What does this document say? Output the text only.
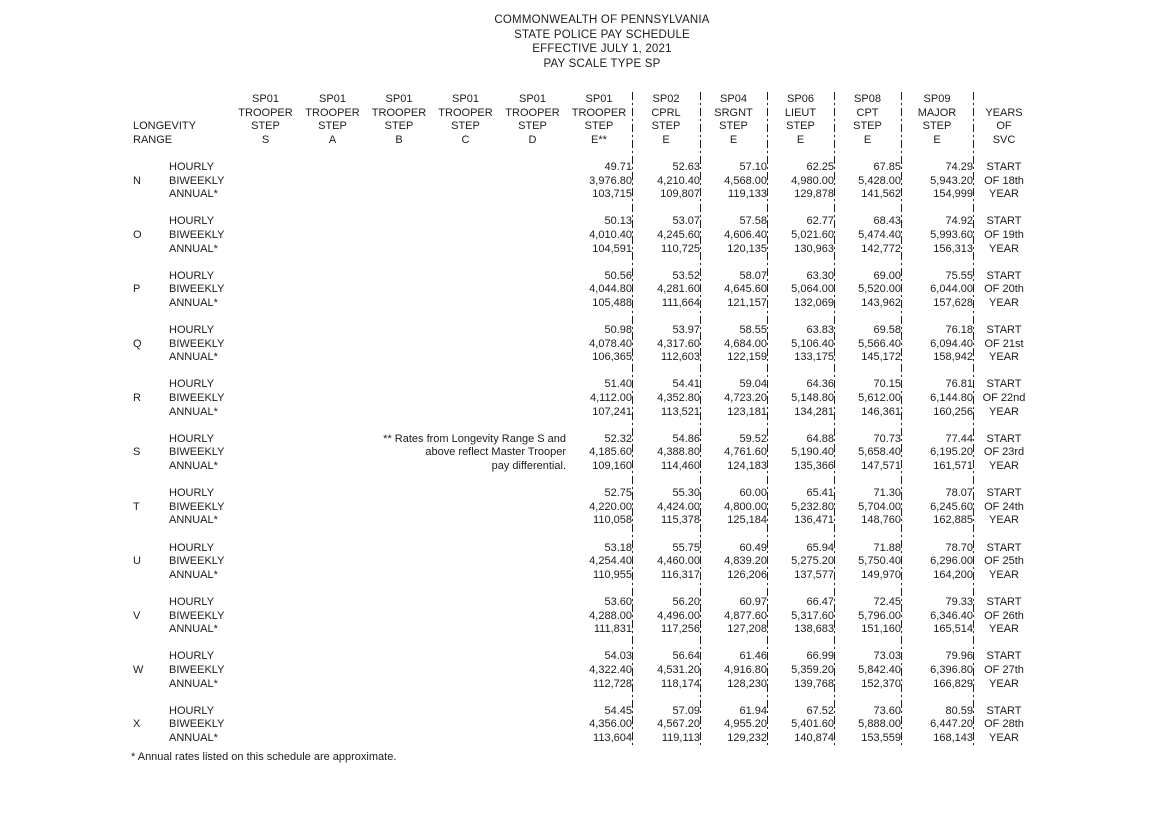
COMMONWEALTH OF PENNSYLVANIA
STATE POLICE PAY SCHEDULE
EFFECTIVE JULY 1, 2021
PAY SCALE TYPE SP
		SP01	SP01	SP01	SP01	SP01	SP01	SP02	SP04	SP06	SP08	SP09	
		TROOPER	TROOPER	TROOPER	TROOPER	TROOPER	TROOPER	CPRL	SRGNT	LIEUT	CPT	MAJOR	YEARS
LONGEVITY		STEP	STEP	STEP	STEP	STEP	STEP	STEP	STEP	STEP	STEP	STEP	OF
RANGE		S	A	B	C	D	E**	E	E	E	E	E	SVC

	HOURLY						49.71	52.63	57.10	62.25	67.85	74.29	START
N	BIWEEKLY						3,976.80	4,210.40	4,568.00	4,980.00	5,428.00	5,943.20	OF 18th
	ANNUAL*						103,715	109,807	119,133	129,878	141,562	154,999	YEAR

	HOURLY						50.13	53.07	57.58	62.77	68.43	74.92	START
O	BIWEEKLY						4,010.40	4,245.60	4,606.40	5,021.60	5,474.40	5,993.60	OF 19th
	ANNUAL*						104,591	110,725	120,135	130,963	142,772	156,313	YEAR

	HOURLY						50.56	53.52	58.07	63.30	69.00	75.55	START
P	BIWEEKLY						4,044.80	4,281.60	4,645.60	5,064.00	5,520.00	6,044.00	OF 20th
	ANNUAL*						105,488	111,664	121,157	132,069	143,962	157,628	YEAR

	HOURLY						50.98	53.97	58.55	63.83	69.58	76.18	START
Q	BIWEEKLY						4,078.40	4,317.60	4,684.00	5,106.40	5,566.40	6,094.40	OF 21st
	ANNUAL*						106,365	112,603	122,159	133,175	145,172	158,942	YEAR

	HOURLY						51.40	54.41	59.04	64.36	70.15	76.81	START
R	BIWEEKLY						4,112.00	4,352.80	4,723.20	5,148.80	5,612.00	6,144.80	OF 22nd
	ANNUAL*						107,241	113,521	123,181	134,281	146,361	160,256	YEAR

	HOURLY	** Rates from Longevity Range S and					52.32	54.86	59.52	64.88	70.73	77.44	START
S	BIWEEKLY	above reflect Master Trooper					4,185.60	4,388.80	4,761.60	5,190.40	5,658.40	6,195.20	OF 23rd
	ANNUAL*	pay differential.					109,160	114,460	124,183	135,366	147,571	161,571	YEAR

	HOURLY						52.75	55.30	60.00	65.41	71.30	78.07	START
T	BIWEEKLY						4,220.00	4,424.00	4,800.00	5,232.80	5,704.00	6,245.60	OF 24th
	ANNUAL*						110,058	115,378	125,184	136,471	148,760	162,885	YEAR

	HOURLY						53.18	55.75	60.49	65.94	71.88	78.70	START
U	BIWEEKLY						4,254.40	4,460.00	4,839.20	5,275.20	5,750.40	6,296.00	OF 25th
	ANNUAL*						110,955	116,317	126,206	137,577	149,970	164,200	YEAR

	HOURLY						53.60	56.20	60.97	66.47	72.45	79.33	START
V	BIWEEKLY						4,288.00	4,496.00	4,877.60	5,317.60	5,796.00	6,346.40	OF 26th
	ANNUAL*						111,831	117,256	127,208	138,683	151,160	165,514	YEAR

	HOURLY						54.03	56.64	61.46	66.99	73.03	79.96	START
W	BIWEEKLY						4,322.40	4,531.20	4,916.80	5,359.20	5,842.40	6,396.80	OF 27th
	ANNUAL*						112,728	118,174	128,230	139,768	152,370	166,829	YEAR

	HOURLY						54.45	57.09	61.94	67.52	73.60	80.59	START
X	BIWEEKLY						4,356.00	4,567.20	4,955.20	5,401.60	5,888.00	6,447.20	OF 28th
	ANNUAL*						113,604	119,113	129,232	140,874	153,559	168,143	YEAR
* Annual rates listed on this schedule are approximate.
